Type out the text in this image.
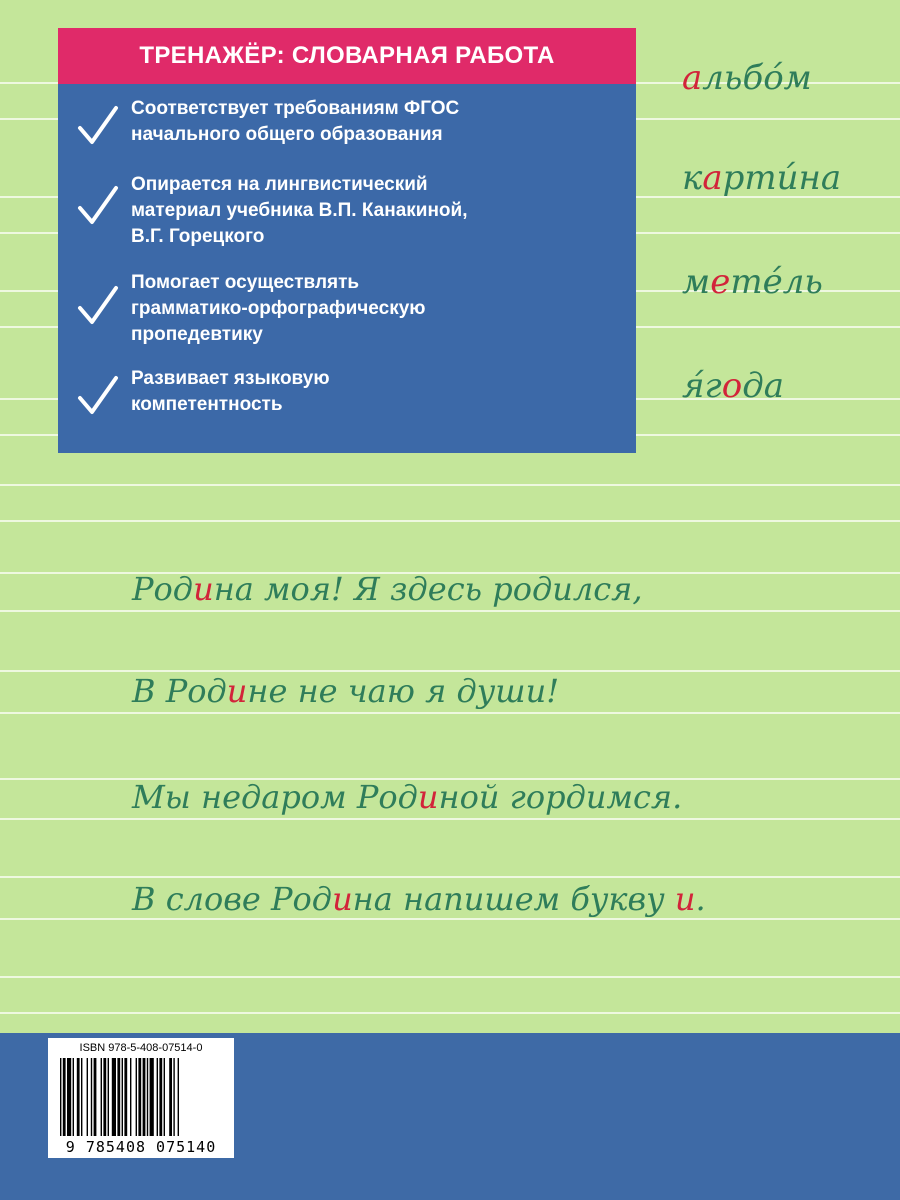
ТРЕНАЖЁР: СЛОВАРНАЯ РАБОТА
Соответствует требованиям ФГОС
начального общего образования
Опирается на лингвистический
материал учебника В.П. Канакиной,
В.Г. Горецкого
Помогает осуществлять
грамматико-орфографическую
пропедевтику
Развивает языковую
компетентность
альбо́м
карти́на
мете́ль
я́года
Родина моя! Я здесь родился,
В Родине не чаю я души!
Мы недаром Родиной гордимся.
В слове Родина напишем букву и.
ISBN 978-5-408-07514-0
9 785408 075140
